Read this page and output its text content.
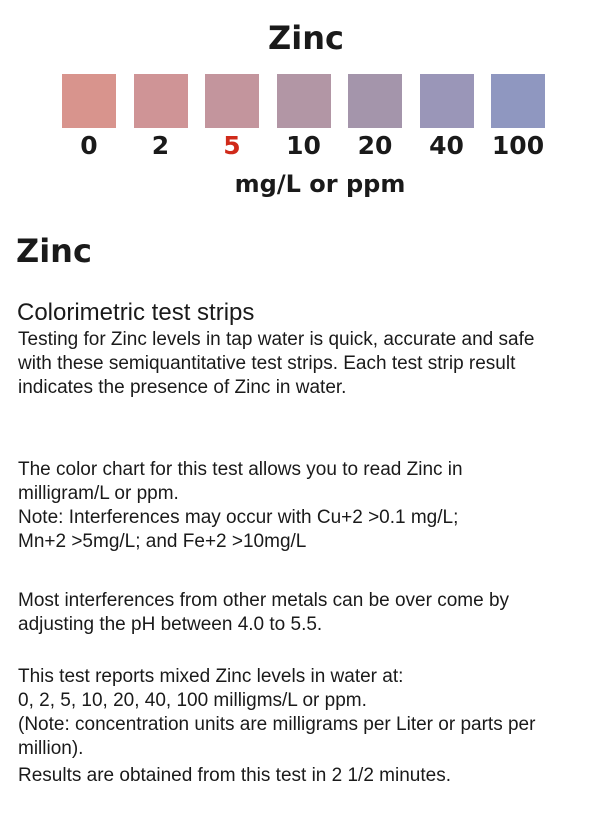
Zinc
0	2	5	10	20	40	100
mg/L or ppm
Zinc
Colorimetric test strips
Testing for Zinc levels in tap water is quick, accurate and safe
with these semiquantitative test strips. Each test strip result
indicates the presence of Zinc in water.
The color chart for this test allows you to read Zinc in
milligram/L or ppm.
Note: Interferences may occur with Cu+2 >0.1 mg/L;
Mn+2 >5mg/L; and Fe+2 >10mg/L
Most interferences from other metals can be over come by
adjusting the pH between 4.0 to 5.5.
This test reports mixed Zinc levels in water at:
0, 2, 5, 10, 20, 40, 100 milligms/L or ppm.
(Note: concentration units are milligrams per Liter or parts per
million).
Results are obtained from this test in 2 1/2 minutes.
